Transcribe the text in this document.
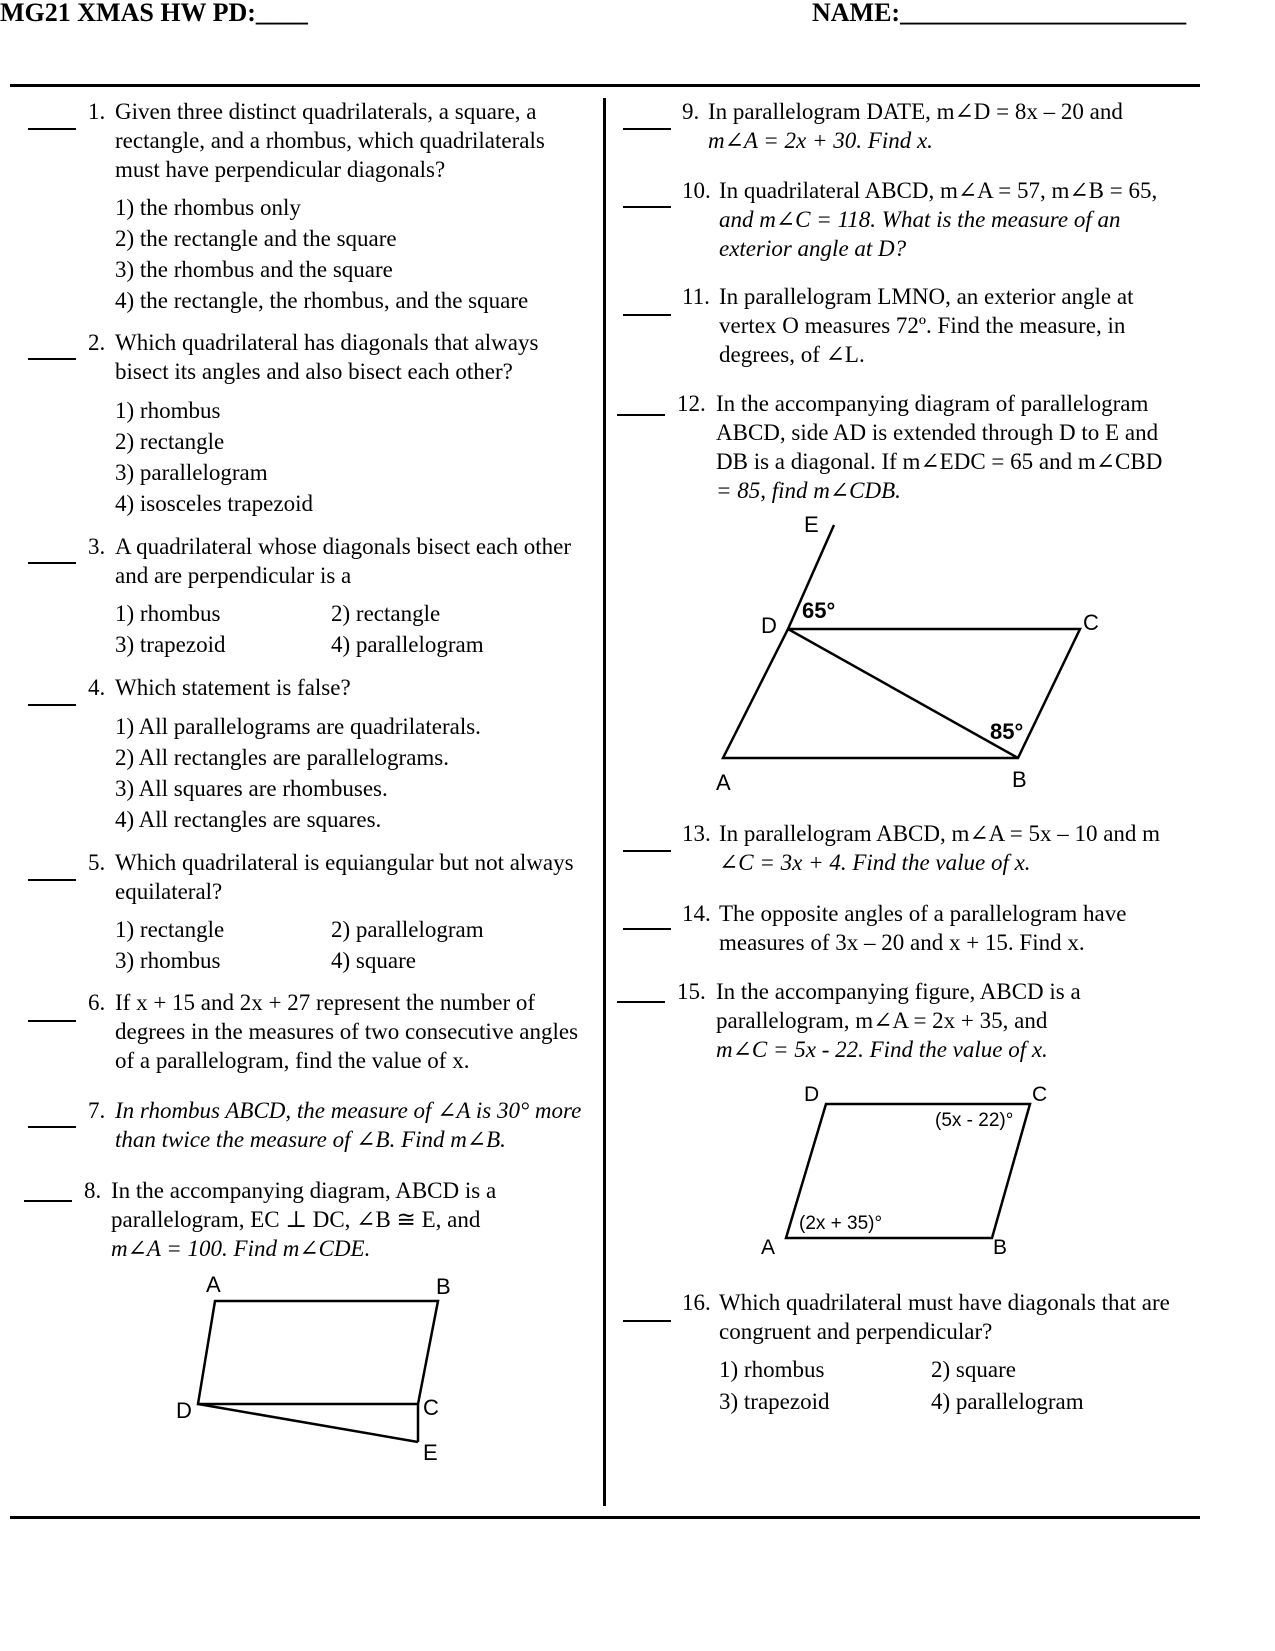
MG21 XMAS HW PD:____	NAME:______________________
1. Given three distinct quadrilaterals, a square, a
rectangle, and a rhombus, which quadrilaterals
must have perpendicular diagonals?
1) the rhombus only
2) the rectangle and the square
3) the rhombus and the square
4) the rectangle, the rhombus, and the square
2. Which quadrilateral has diagonals that always
bisect its angles and also bisect each other?
1) rhombus
2) rectangle
3) parallelogram
4) isosceles trapezoid
3. A quadrilateral whose diagonals bisect each other
and are perpendicular is a
1) rhombus	2) rectangle
3) trapezoid	4) parallelogram
4. Which statement is false?
1) All parallelograms are quadrilaterals.
2) All rectangles are parallelograms.
3) All squares are rhombuses.
4) All rectangles are squares.
5. Which quadrilateral is equiangular but not always
equilateral?
1) rectangle	2) parallelogram
3) rhombus	4) square
6. If x + 15 and 2x + 27 represent the number of
degrees in the measures of two consecutive angles
of a parallelogram, find the value of x.
7. In rhombus ABCD, the measure of ∠A is 30° more
than twice the measure of ∠B. Find m∠B.
8. In the accompanying diagram, ABCD is a
parallelogram, EC ⊥ DC, ∠B ≅ E, and
m∠A = 100. Find m∠CDE.
A	B
C
D
E
9. In parallelogram DATE, m∠D = 8x – 20 and
m∠A = 2x + 30. Find x.
10. In quadrilateral ABCD, m∠A = 57, m∠B = 65,
and m∠C = 118. What is the measure of an
exterior angle at D?
11. In parallelogram LMNO, an exterior angle at
vertex O measures 72º. Find the measure, in
degrees, of ∠L.
12. In the accompanying diagram of parallelogram
ABCD, side AD is extended through D to E and
DB is a diagonal. If m∠EDC = 65 and m∠CBD
= 85, find m∠CDB.
E
D	C
A	B
65°
85°
13. In parallelogram ABCD, m∠A = 5x – 10 and m
∠C = 3x + 4. Find the value of x.
14. The opposite angles of a parallelogram have
measures of 3x – 20 and x + 15. Find x.
15. In the accompanying figure, ABCD is a
parallelogram, m∠A = 2x + 35, and
m∠C = 5x - 22. Find the value of x.
D	C
A	B
(5x - 22)°
(2x + 35)°
16. Which quadrilateral must have diagonals that are
congruent and perpendicular?
1) rhombus	2) square
3) trapezoid	4) parallelogram
